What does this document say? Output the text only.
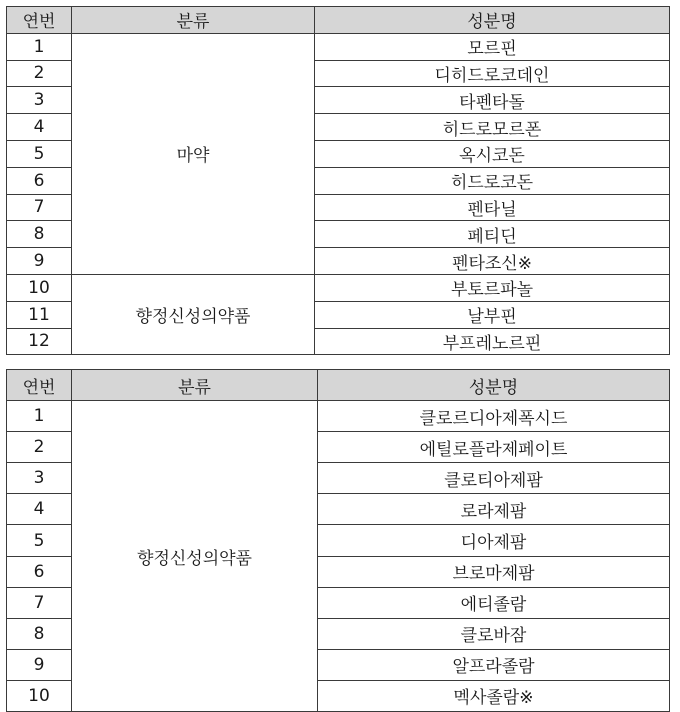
연번	분류	성분명
1	마약	모르핀
2		디히드로코데인
3		타펜타돌
4		히드로모르폰
5		옥시코돈
6		히드로코돈
7		펜타닐
8		페티딘
9		펜타조신※
10	향정신성의약품	부토르파놀
11		날부핀
12		부프레노르핀
연번	분류	성분명
1	향정신성의약품	클로르디아제폭시드
2		에틸로플라제페이트
3		클로티아제팜
4		로라제팜
5		디아제팜
6		브로마제팜
7		에티졸람
8		클로바잠
9		알프라졸람
10		멕사졸람※
